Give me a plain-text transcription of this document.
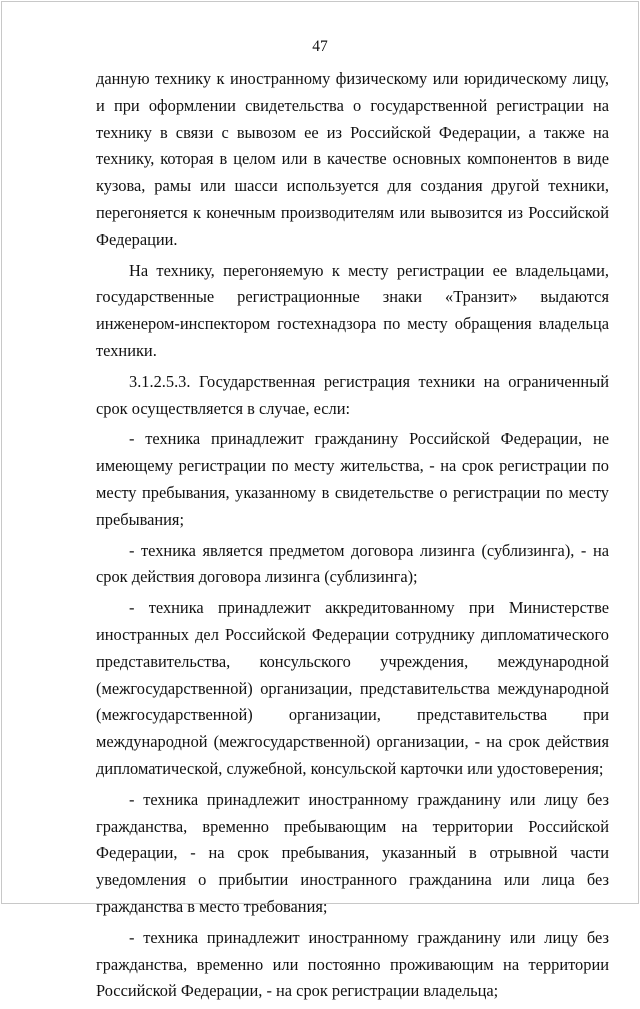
47

данную технику к иностранному физическому или юридическому лицу, и при оформлении свидетельства о государственной регистрации на технику в связи с вывозом ее из Российской Федерации, а также на технику, которая в целом или в качестве основных компонентов в виде кузова, рамы или шасси используется для создания другой техники, перегоняется к конечным производителям или вывозится из Российской Федерации.

На технику, перегоняемую к месту регистрации ее владельцами, государственные регистрационные знаки «Транзит» выдаются инженером-инспектором гостехнадзора по месту обращения владельца техники.

3.1.2.5.3. Государственная регистрация техники на ограниченный срок осуществляется в случае, если:

- техника принадлежит гражданину Российской Федерации, не имеющему регистрации по месту жительства, - на срок регистрации по месту пребывания, указанному в свидетельстве о регистрации по месту пребывания;

- техника является предметом договора лизинга (сублизинга), - на срок действия договора лизинга (сублизинга);

- техника принадлежит аккредитованному при Министерстве иностранных дел Российской Федерации сотруднику дипломатического представительства, консульского учреждения, международной (межгосударственной) организации, представительства международной (межгосударственной) организации, представительства при международной (межгосударственной) организации, - на срок действия дипломатической, служебной, консульской карточки или удостоверения;

- техника принадлежит иностранному гражданину или лицу без гражданства, временно пребывающим на территории Российской Федерации, - на срок пребывания, указанный в отрывной части уведомления о прибытии иностранного гражданина или лица без гражданства в место требования;

- техника принадлежит иностранному гражданину или лицу без гражданства, временно или постоянно проживающим на территории Российской Федерации, - на срок регистрации владельца;
